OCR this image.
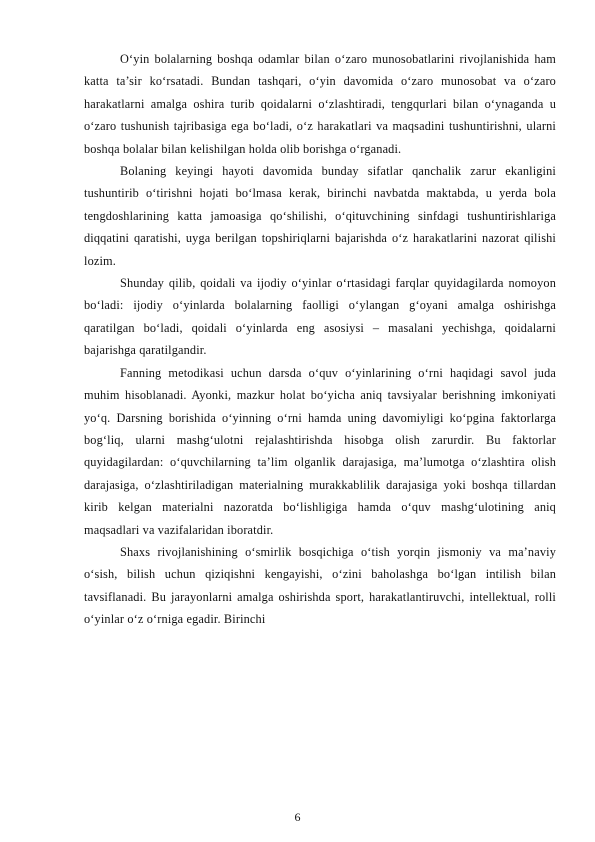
O‘yin bolalarning boshqa odamlar bilan o‘zaro munosobatlarini rivojlanishida ham katta ta’sir ko‘rsatadi. Bundan tashqari, o‘yin davomida o‘zaro munosobat va o‘zaro harakatlarni amalga oshira turib qoidalarni o‘zlashtiradi, tengqurlari bilan o‘ynaganda u o‘zaro tushunish tajribasiga ega bo‘ladi, o‘z harakatlari va maqsadini tushuntirishni, ularni boshqa bolalar bilan kelishilgan holda olib borishga o‘rganadi.

Bolaning keyingi hayoti davomida bunday sifatlar qanchalik zarur ekanligini tushuntirib o‘tirishni hojati bo‘lmasa kerak, birinchi navbatda maktabda, u yerda bola tengdoshlarining katta jamoasiga qo‘shilishi, o‘qituvchining sinfdagi tushuntirishlariga diqqatini qaratishi, uyga berilgan topshiriqlarni bajarishda o‘z harakatlarini nazorat qilishi lozim.

Shunday qilib, qoidali va ijodiy o‘yinlar o‘rtasidagi farqlar quyidagilarda nomoyon bo‘ladi: ijodiy o‘yinlarda bolalarning faolligi o‘ylangan g‘oyani amalga oshirishga qaratilgan bo‘ladi, qoidali o‘yinlarda eng asosiysi – masalani yechishga, qoidalarni bajarishga qaratilgandir.

Fanning metodikasi uchun darsda o‘quv o‘yinlarining o‘rni haqidagi savol juda muhim hisoblanadi. Ayonki, mazkur holat bo‘yicha aniq tavsiyalar berishning imkoniyati yo‘q. Darsning borishida o‘yinning o‘rni hamda uning davomiyligi ko‘pgina faktorlarga bog‘liq, ularni mashg‘ulotni rejalashtirishda hisobga olish zarurdir. Bu faktorlar quyidagilardan: o‘quvchilarning ta’lim olganlik darajasiga, ma’lumotga o‘zlashtira olish darajasiga, o‘zlashtiriladigan materialning murakkablilik darajasiga yoki boshqa tillardan kirib kelgan materialni nazoratda bo‘lishligiga hamda o‘quv mashg‘ulotining aniq maqsadlari va vazifalaridan iboratdir.

Shaxs rivojlanishining o‘smirlik bosqichiga o‘tish yorqin jismoniy va ma’naviy o‘sish, bilish uchun qiziqishni kengayishi, o‘zini baholashga bo‘lgan intilish bilan tavsiflanadi. Bu jarayonlarni amalga oshirishda sport, harakatlantiruvchi, intellektual, rolli o‘yinlar o‘z o‘rniga egadir. Birinchi

6
